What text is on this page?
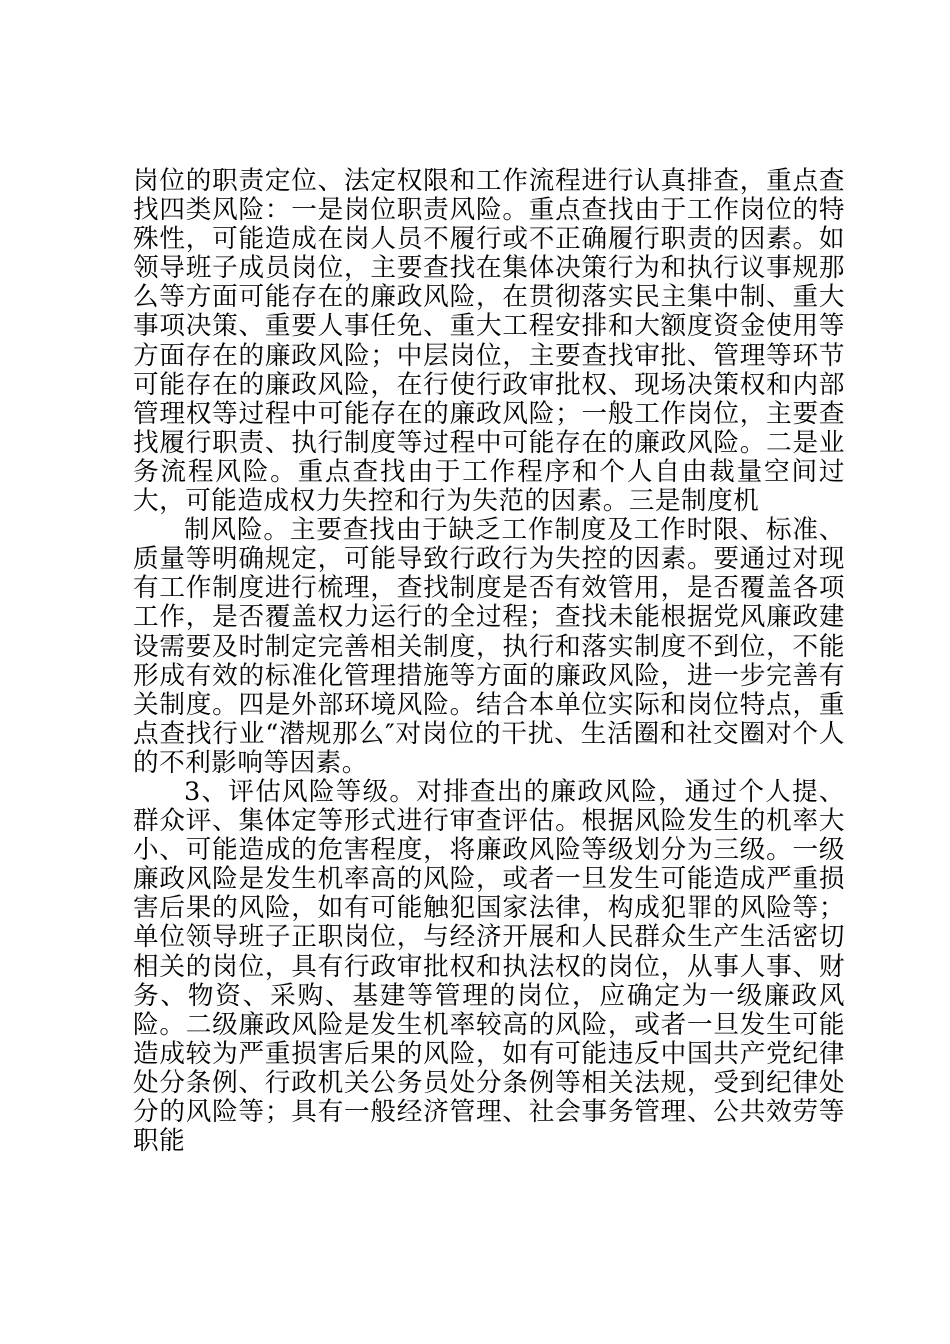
岗位的职责定位、法定权限和工作流程进行认真排查，重点查找四类风险：一是岗位职责风险。重点查找由于工作岗位的特殊性，可能造成在岗人员不履行或不正确履行职责的因素。如领导班子成员岗位，主要查找在集体决策行为和执行议事规那么等方面可能存在的廉政风险，在贯彻落实民主集中制、重大事项决策、重要人事任免、重大工程安排和大额度资金使用等方面存在的廉政风险；中层岗位，主要查找审批、管理等环节可能存在的廉政风险，在行使行政审批权、现场决策权和内部管理权等过程中可能存在的廉政风险；一般工作岗位，主要查找履行职责、执行制度等过程中可能存在的廉政风险。二是业务流程风险。重点查找由于工作程序和个人自由裁量空间过大，可能造成权力失控和行为失范的因素。三是制度机

制风险。主要查找由于缺乏工作制度及工作时限、标准、质量等明确规定，可能导致行政行为失控的因素。要通过对现有工作制度进行梳理，查找制度是否有效管用，是否覆盖各项工作，是否覆盖权力运行的全过程；查找未能根据党风廉政建设需要及时制定完善相关制度，执行和落实制度不到位，不能形成有效的标准化管理措施等方面的廉政风险，进一步完善有关制度。四是外部环境风险。结合本单位实际和岗位特点，重点查找行业“潜规那么″对岗位的干扰、生活圈和社交圈对个人的不利影响等因素。

3、评估风险等级。对排查出的廉政风险，通过个人提、群众评、集体定等形式进行审查评估。根据风险发生的机率大小、可能造成的危害程度，将廉政风险等级划分为三级。一级廉政风险是发生机率高的风险，或者一旦发生可能造成严重损害后果的风险，如有可能触犯国家法律，构成犯罪的风险等；单位领导班子正职岗位，与经济开展和人民群众生产生活密切相关的岗位，具有行政审批权和执法权的岗位，从事人事、财务、物资、采购、基建等管理的岗位，应确定为一级廉政风险。二级廉政风险是发生机率较高的风险，或者一旦发生可能造成较为严重损害后果的风险，如有可能违反中国共产党纪律处分条例、行政机关公务员处分条例等相关法规，受到纪律处分的风险等；具有一般经济管理、社会事务管理、公共效劳等职能
